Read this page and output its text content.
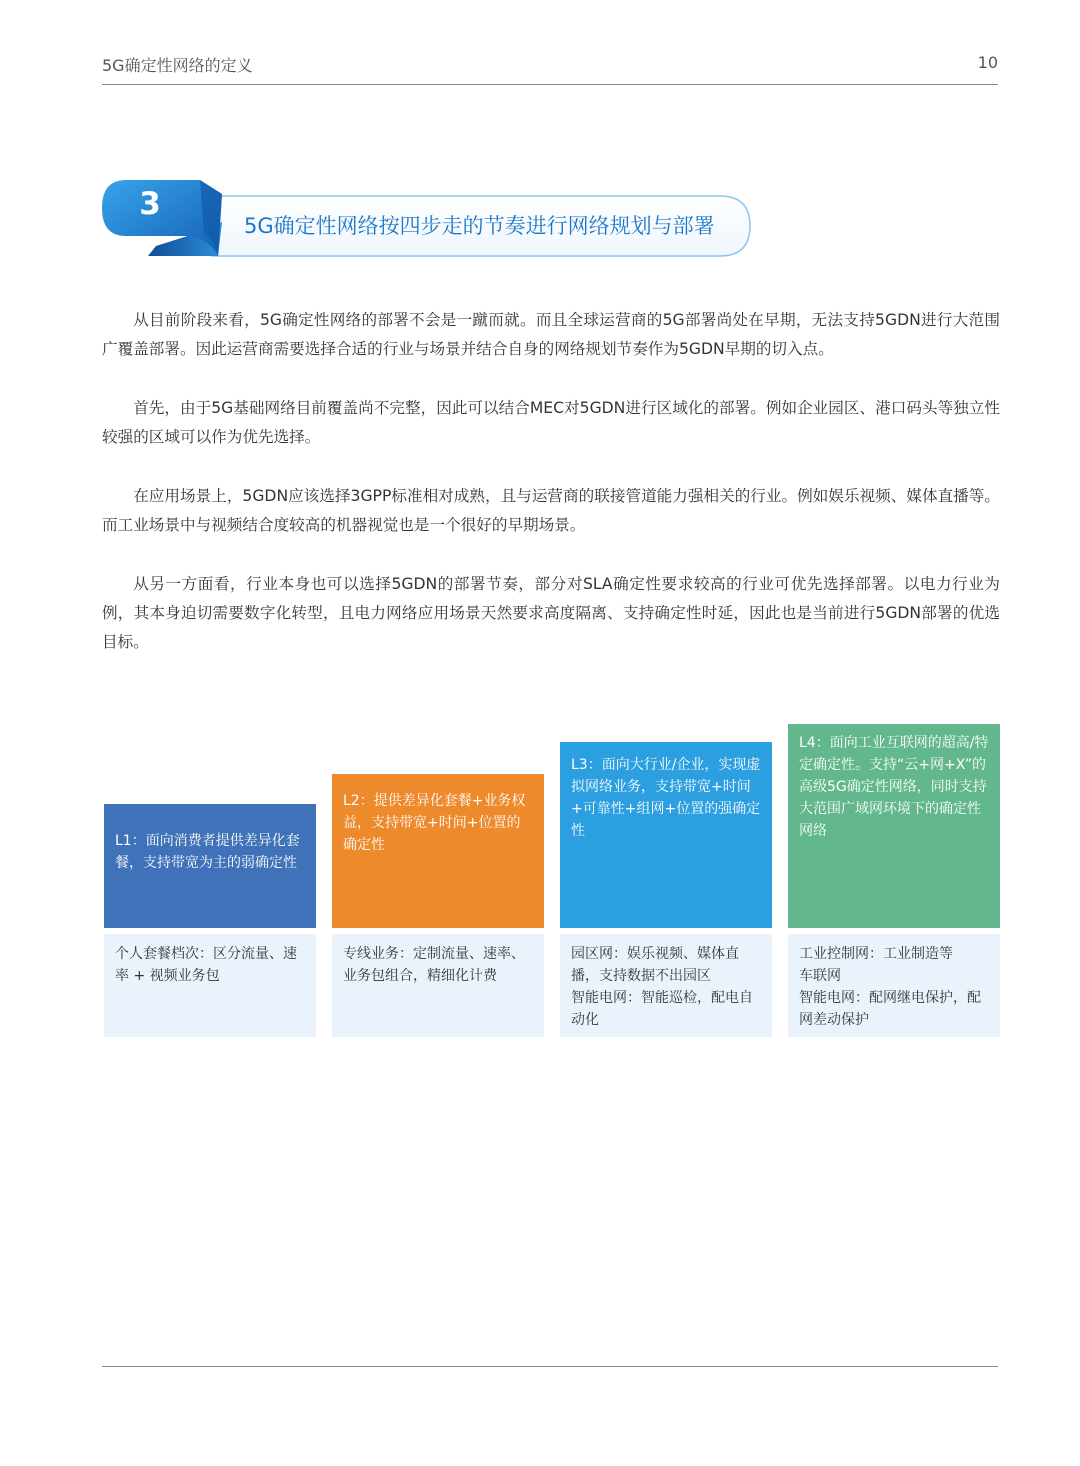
5G确定性网络的定义	10
3
5G确定性网络按四步走的节奏进行网络规划与部署

从目前阶段来看，5G确定性网络的部署不会是一蹴而就。而且全球运营商的5G部署尚处在早期，无法支持5GDN进行大范围广覆盖部署。因此运营商需要选择合适的行业与场景并结合自身的网络规划节奏作为5GDN早期的切入点。

首先，由于5G基础网络目前覆盖尚不完整，因此可以结合MEC对5GDN进行区域化的部署。例如企业园区、港口码头等独立性较强的区域可以作为优先选择。

在应用场景上，5GDN应该选择3GPP标准相对成熟，且与运营商的联接管道能力强相关的行业。例如娱乐视频、媒体直播等。而工业场景中与视频结合度较高的机器视觉也是一个很好的早期场景。

从另一方面看，行业本身也可以选择5GDN的部署节奏，部分对SLA确定性要求较高的行业可优先选择部署。以电力行业为例，其本身迫切需要数字化转型，且电力网络应用场景天然要求高度隔离、支持确定性时延，因此也是当前进行5GDN部署的优选目标。

L1：面向消费者提供差异化套餐，支持带宽为主的弱确定性
个人套餐档次：区分流量、速率 + 视频业务包
L2：提供差异化套餐+业务权益，支持带宽+时间+位置的确定性
专线业务：定制流量、速率、业务包组合，精细化计费
L3：面向大行业/企业，实现虚拟网络业务，支持带宽+时间+可靠性+组网+位置的强确定性
园区网：娱乐视频、媒体直播，支持数据不出园区
智能电网：智能巡检，配电自动化
L4：面向工业互联网的超高/特定确定性。支持“云+网+X”的高级5G确定性网络，同时支持大范围广域网环境下的确定性网络
工业控制网：工业制造等
车联网
智能电网：配网继电保护，配网差动保护
